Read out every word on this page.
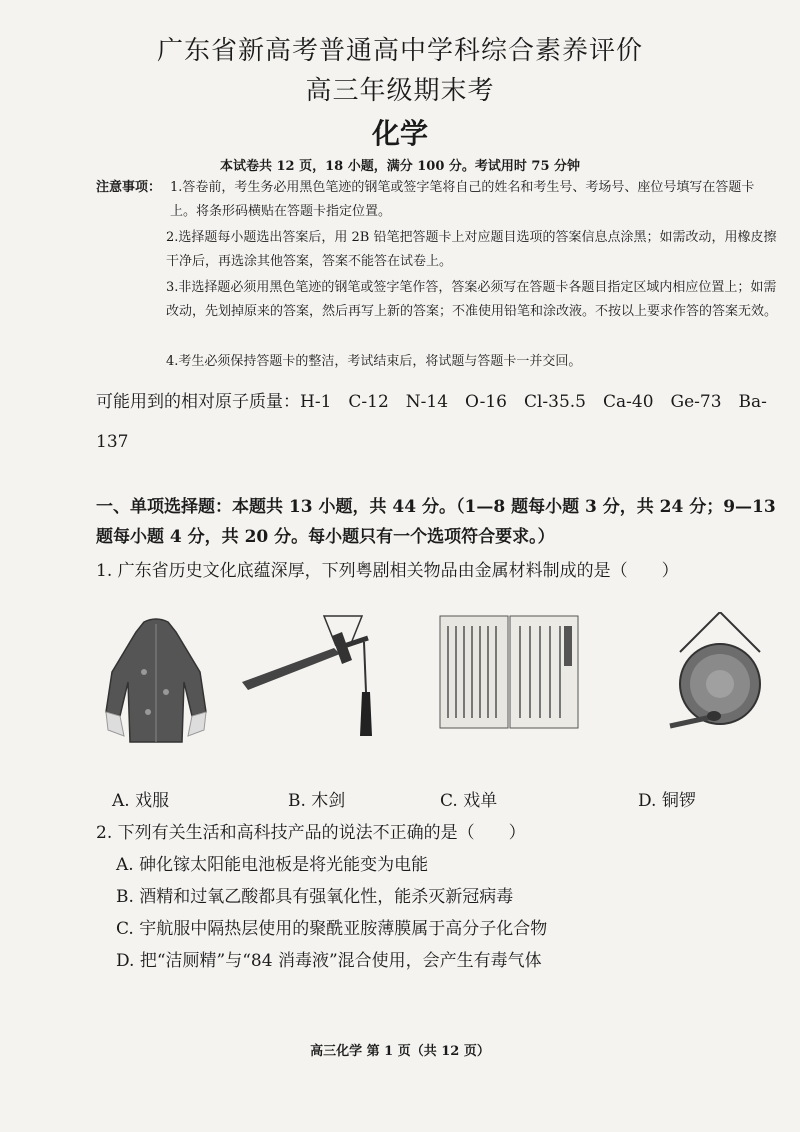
广东省新高考普通高中学科综合素养评价
高三年级期末考
化学
本试卷共 12 页，18 小题，满分 100 分。考试用时 75 分钟
注意事项： 1.答卷前，考生务必用黑色笔迹的钢笔或签字笔将自己的姓名和考生号、考场号、座位号填写在答题卡上。将条形码横贴在答题卡指定位置。
2.选择题每小题选出答案后，用 2B 铅笔把答题卡上对应题目选项的答案信息点涂黑；如需改动，用橡皮擦干净后，再选涂其他答案，答案不能答在试卷上。
3.非选择题必须用黑色笔迹的钢笔或签字笔作答，答案必须写在答题卡各题目指定区域内相应位置上；如需改动，先划掉原来的答案，然后再写上新的答案；不准使用铅笔和涂改液。不按以上要求作答的答案无效。
4.考生必须保持答题卡的整洁，考试结束后，将试题与答题卡一并交回。
可能用到的相对原子质量：H-1　C-12　N-14　O-16　Cl-35.5　Ca-40　Ge-73　Ba-137
一、单项选择题：本题共 13 小题，共 44 分。（1—8 题每小题 3 分，共 24 分；9—13 题每小题 4 分，共 20 分。每小题只有一个选项符合要求。）
1. 广东省历史文化底蕴深厚，下列粤剧相关物品由金属材料制成的是（　　）
A. 戏服	B. 木剑	C. 戏单	D. 铜锣
2. 下列有关生活和高科技产品的说法不正确的是（　　）
A. 砷化镓太阳能电池板是将光能变为电能
B. 酒精和过氧乙酸都具有强氧化性，能杀灭新冠病毒
C. 宇航服中隔热层使用的聚酰亚胺薄膜属于高分子化合物
D. 把“洁厕精”与“84 消毒液”混合使用，会产生有毒气体
高三化学 第 1 页（共 12 页）
